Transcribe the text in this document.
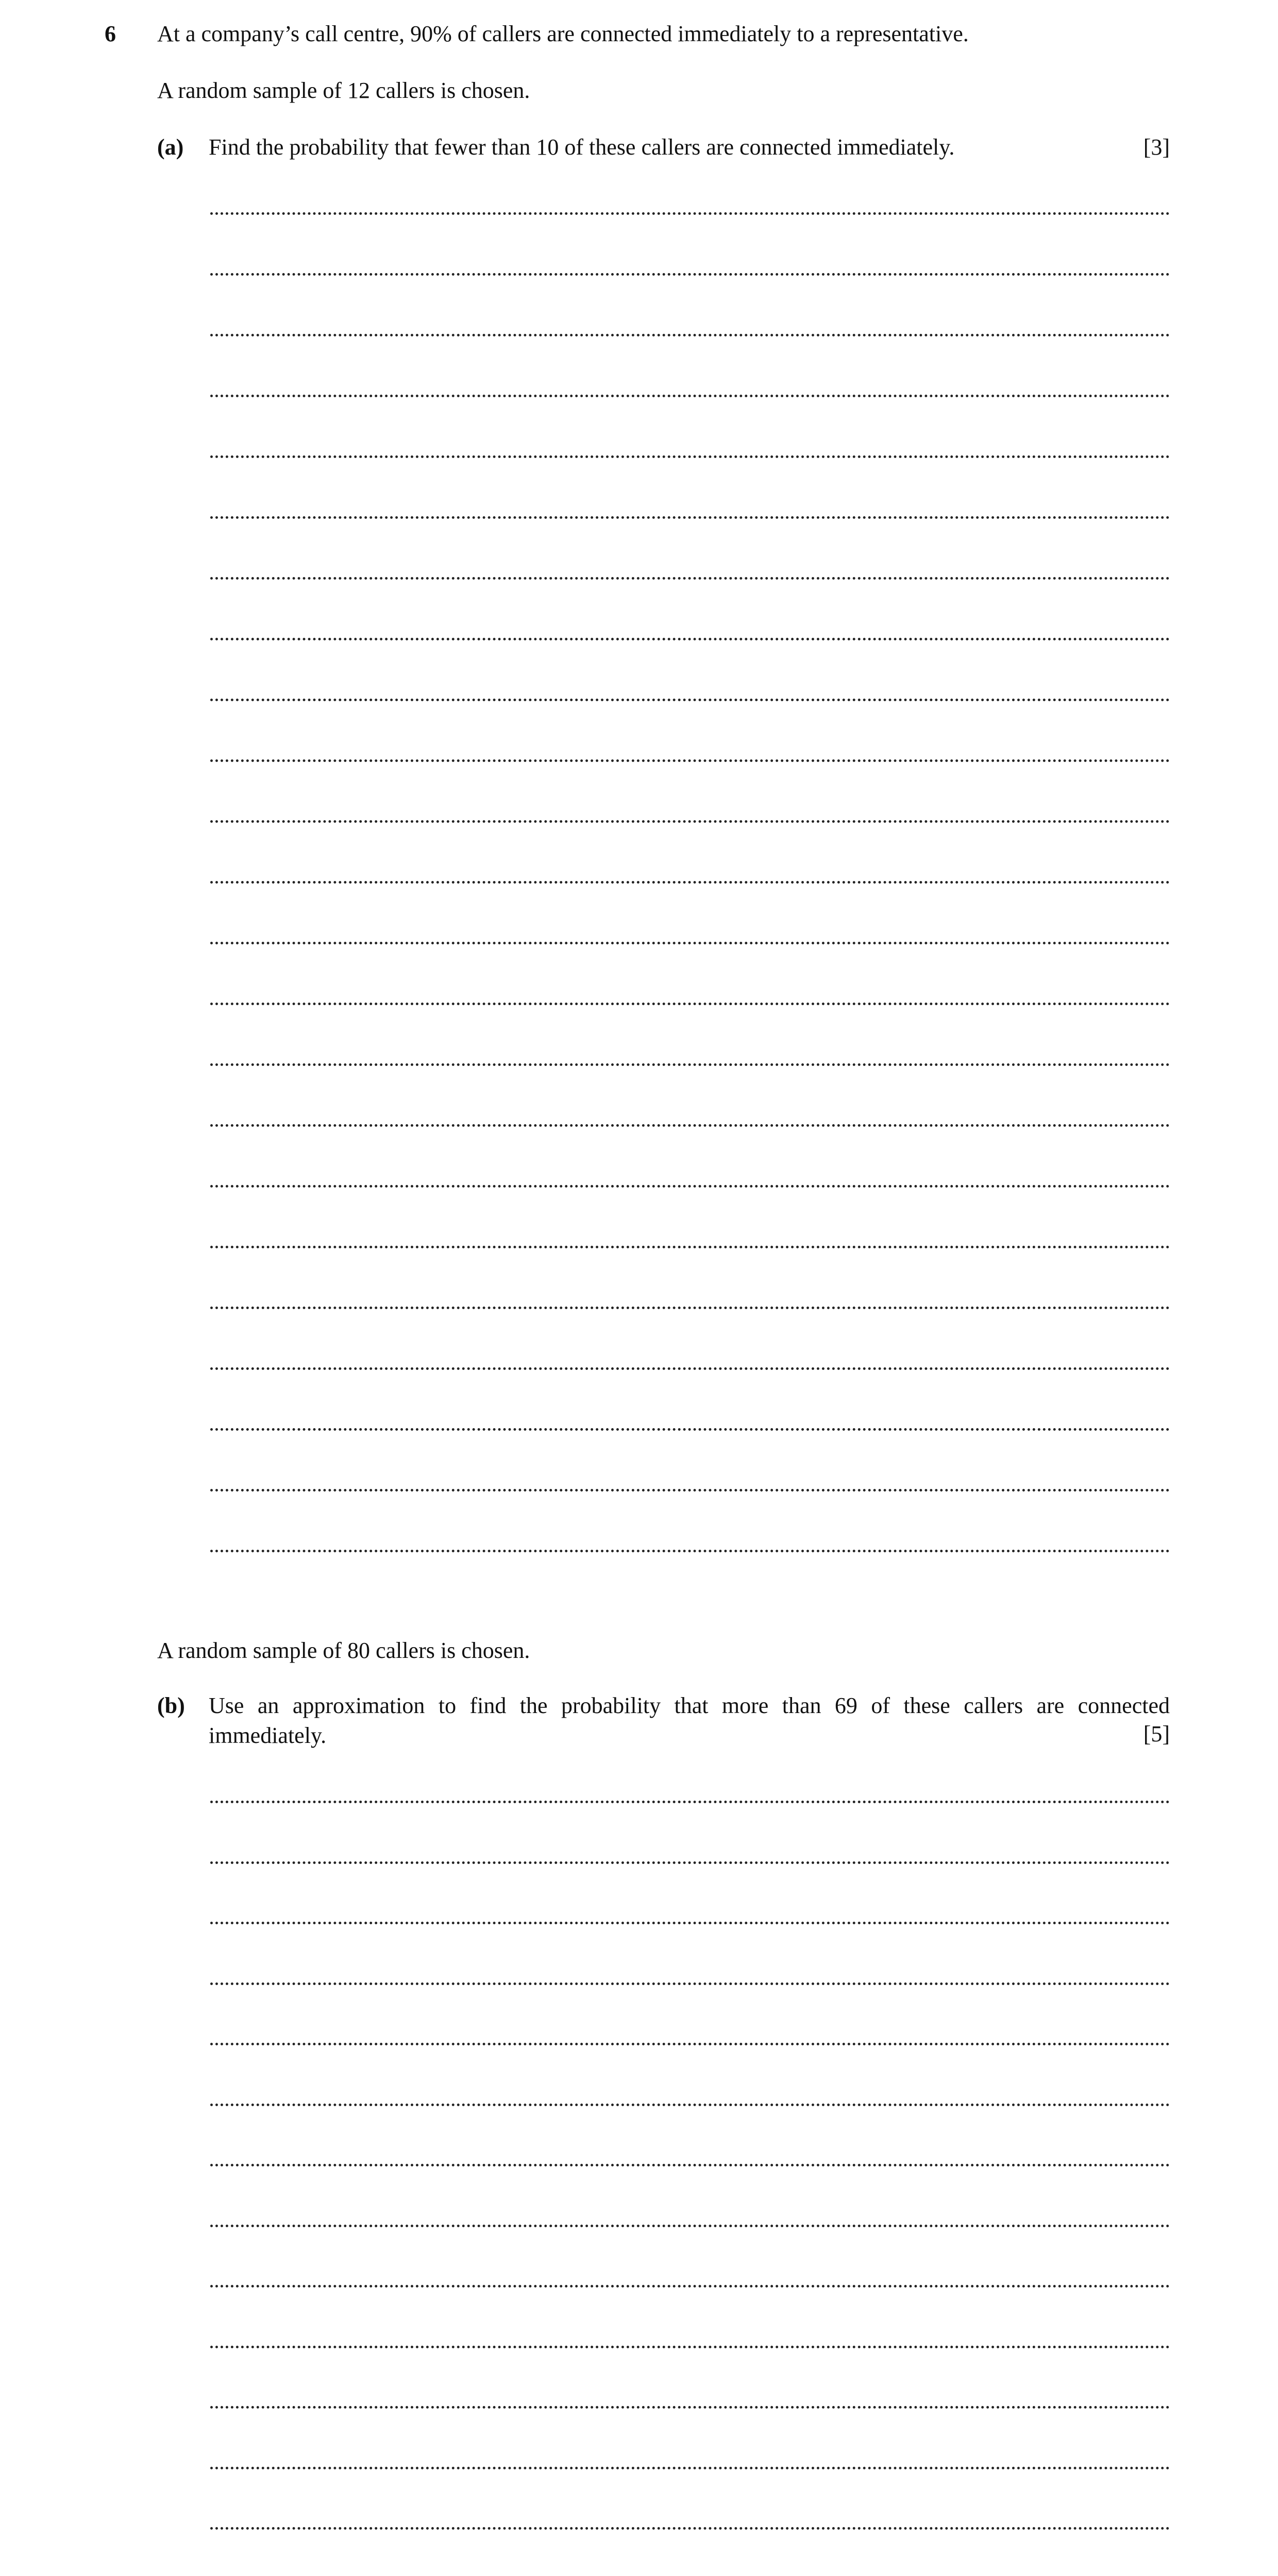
6 At a company’s call centre, 90% of callers are connected immediately to a representative.
A random sample of 12 callers is chosen.
(a) Find the probability that fewer than 10 of these callers are connected immediately.	[3]
A random sample of 80 callers is chosen.
(b) Use an approximation to find the probability that more than 69 of these callers are connected
immediately.	[5]
